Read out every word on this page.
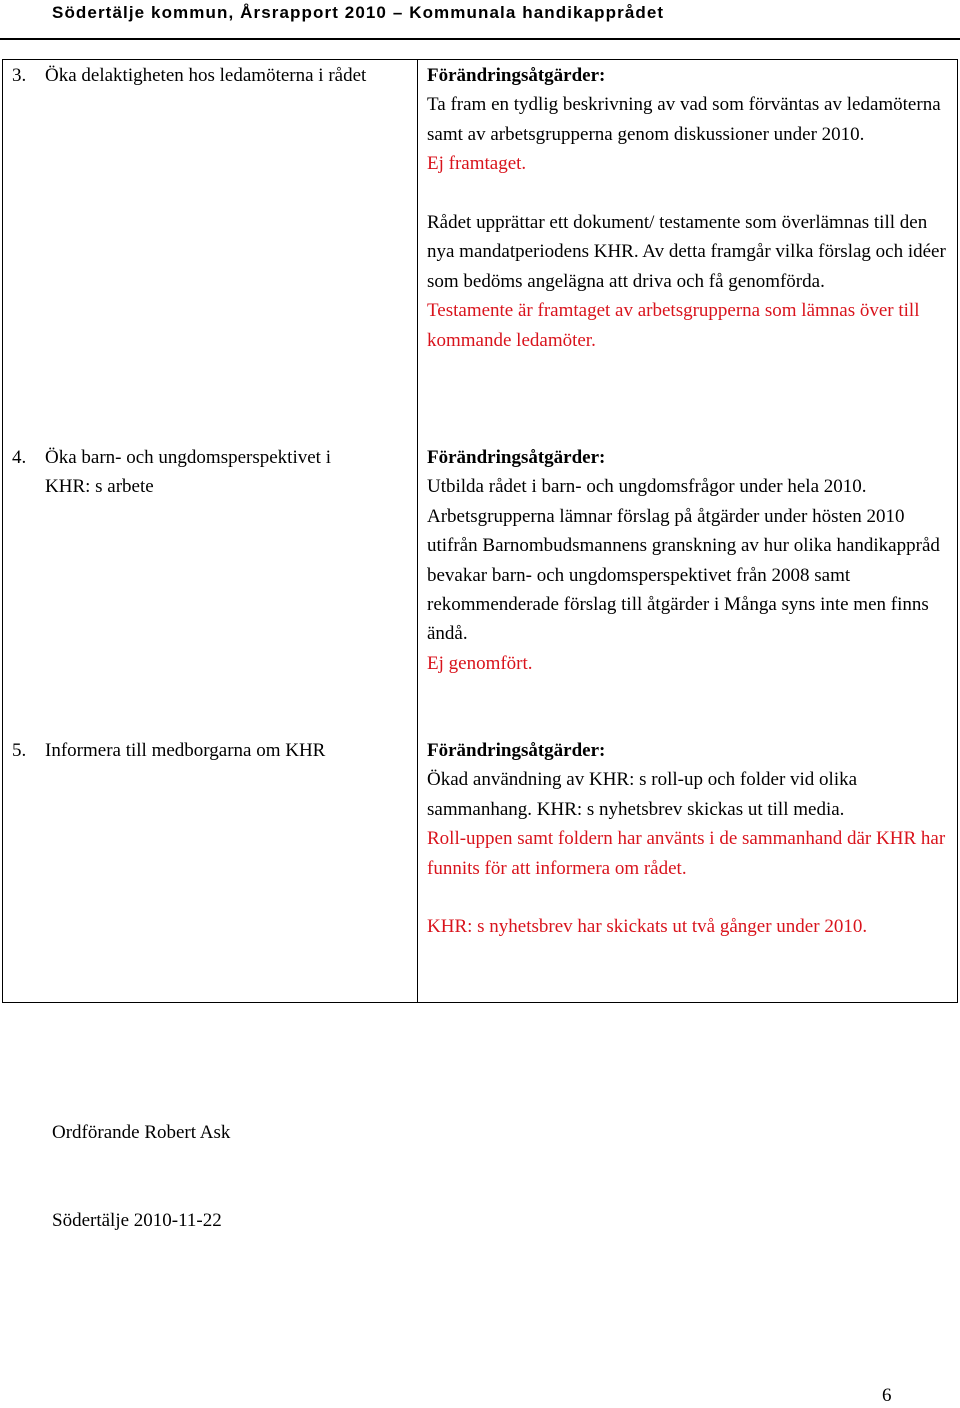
Södertälje kommun, Årsrapport 2010 – Kommunala handikapprådet
3. Öka delaktigheten hos ledamöterna i rådet	Förändringsåtgärder:

Ta fram en tydlig beskrivning av vad som förväntas av ledamöterna samt av arbetsgrupperna genom diskussioner under 2010.

Ej framtaget.

Rådet upprättar ett dokument/ testamente som överlämnas till den nya mandatperiodens KHR. Av detta framgår vilka förslag och idéer som bedöms angelägna att driva och få genomförda.

Testamente är framtaget av arbetsgrupperna som lämnas över till kommande ledamöter.

4. Öka barn- och ungdomsperspektivet i KHR: s arbete

Förändringsåtgärder:

Utbilda rådet i barn- och ungdomsfrågor under hela 2010. Arbetsgrupperna lämnar förslag på åtgärder under hösten 2010 utifrån Barnombudsmannens granskning av hur olika handikappråd bevakar barn- och ungdomsperspektivet från 2008 samt rekommenderade förslag till åtgärder i Många syns inte men finns ändå.

Ej genomfört.

5. Informera till medborgarna om KHR	Förändringsåtgärder:

Ökad användning av KHR: s roll-up och folder vid olika sammanhang. KHR: s nyhetsbrev skickas ut till media.

Roll-uppen samt foldern har använts i de sammanhand där KHR har funnits för att informera om rådet.

KHR: s nyhetsbrev har skickats ut två gånger under 2010.

Ordförande Robert Ask
Södertälje 2010-11-22
6
